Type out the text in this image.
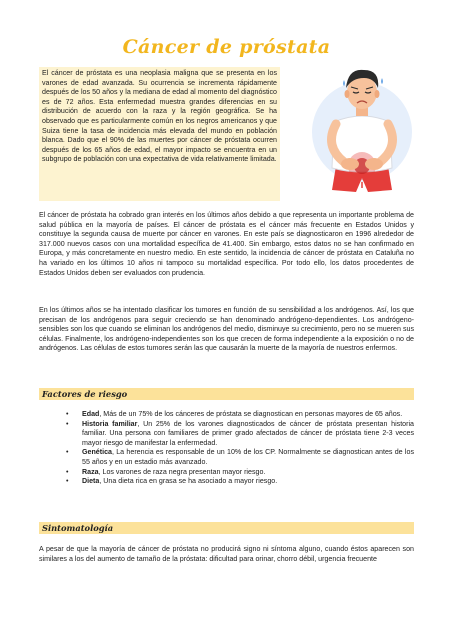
Cáncer de próstata
El cáncer de próstata es una neoplasia maligna que se presenta en los varones de edad avanzada. Su ocurrencia se incrementa rápidamente después de los 50 años y la mediana de edad al momento del diagnóstico es de 72 años. Esta enfermedad muestra grandes diferencias en su distribución de acuerdo con la raza y la región geográfica. Se ha observado que es particularmente común en los negros americanos y que Suiza tiene la tasa de incidencia más elevada del mundo en población blanca. Dado que el 90% de las muertes por cáncer de próstata ocurren después de los 65 años de edad, el mayor impacto se encuentra en un subgrupo de población con una expectativa de vida relativamente limitada.

El cáncer de próstata ha cobrado gran interés en los últimos años debido a que representa un importante problema de salud pública en la mayoría de países. El cáncer de próstata es el cáncer más frecuente en Estados Unidos y constituye la segunda causa de muerte por cáncer en varones. En este país se diagnosticaron en 1996 alrededor de 317.000 nuevos casos con una mortalidad específica de 41.400. Sin embargo, estos datos no se han confirmado en Europa, y más concretamente en nuestro medio. En este sentido, la incidencia de cáncer de próstata en Cataluña no ha variado en los últimos 10 años ni tampoco su mortalidad específica. Por todo ello, los datos procedentes de Estados Unidos deben ser evaluados con prudencia.

En los últimos años se ha intentado clasificar los tumores en función de su sensibilidad a los andrógenos. Así, los que precisan de los andrógenos para seguir creciendo se han denominado andrógeno-dependientes. Los andrógeno-sensibles son los que cuando se eliminan los andrógenos del medio, disminuye su crecimiento, pero no se mueren sus células. Finalmente, los andrógeno-independientes son los que crecen de forma independiente a la exposición o no de andrógenos. Las células de estos tumores serán las que causarán la muerte de la mayoría de nuestros enfermos.

Factores de riesgo
• Edad, Más de un 75% de los cánceres de próstata se diagnostican en personas mayores de 65 años.
• Historia familiar, Un 25% de los varones diagnosticados de cáncer de próstata presentan historia familiar. Una persona con familiares de primer grado afectados de cáncer de próstata tiene 2-3 veces mayor riesgo de manifestar la enfermedad.
• Genética, La herencia es responsable de un 10% de los CP. Normalmente se diagnostican antes de los 55 años y en un estadio más avanzado.
• Raza, Los varones de raza negra presentan mayor riesgo.
• Dieta, Una dieta rica en grasa se ha asociado a mayor riesgo.
Sintomatología

A pesar de que la mayoría de cáncer de próstata no producirá signo ni síntoma alguno, cuando éstos aparecen son similares a los del aumento de tamaño de la próstata: dificultad para orinar, chorro débil, urgencia frecuente
